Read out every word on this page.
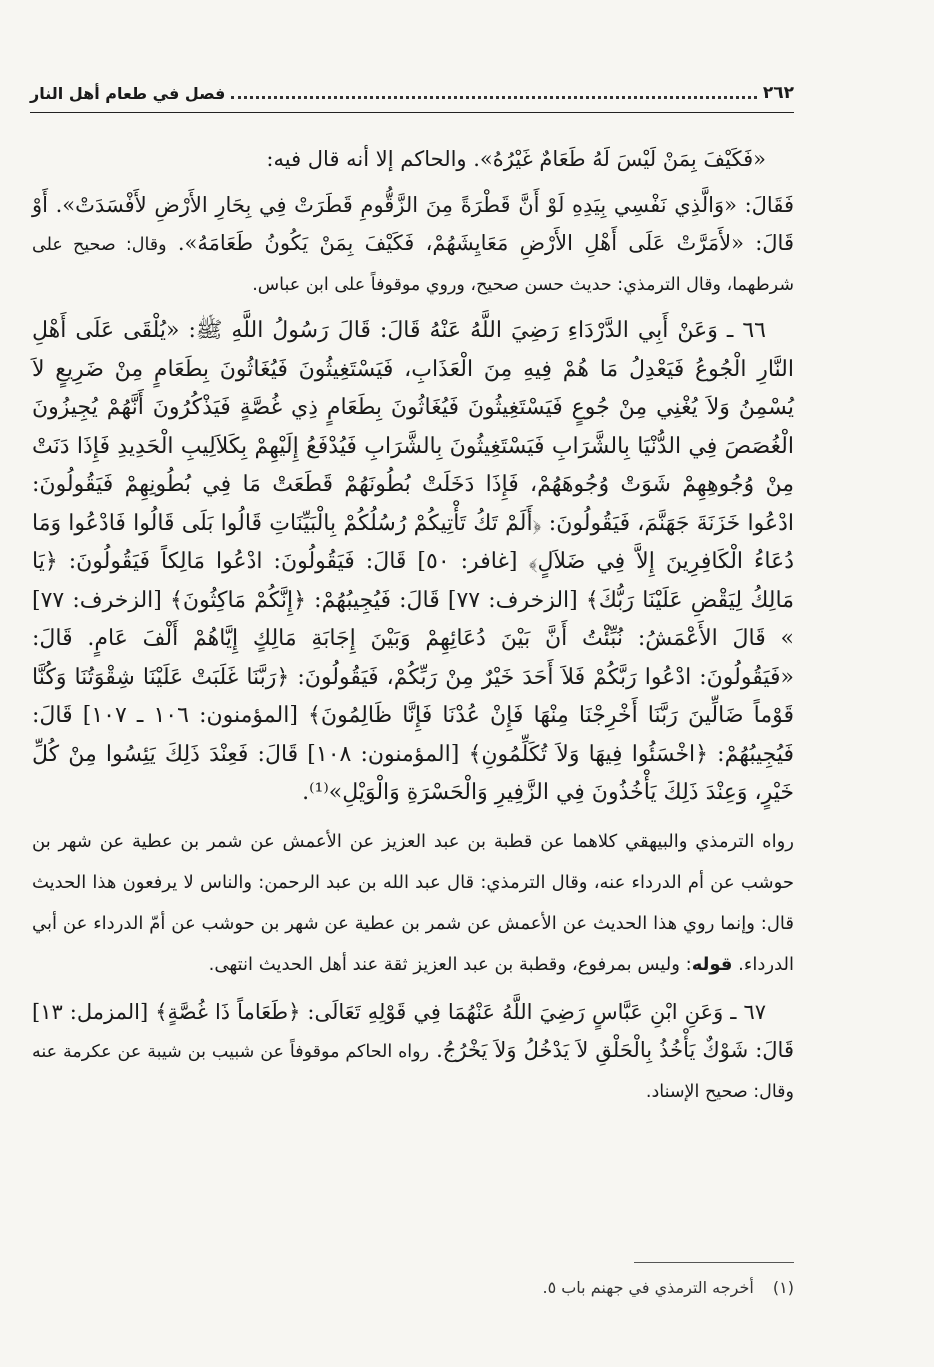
٢٦٢
فصل في طعام أهل النار

«فَكَيْفَ بِمَنْ لَيْسَ لَهُ طَعَامٌ غَيْرُهُ». والحاكم إلا أنه قال فيه:

فَقَالَ: «وَالَّذِي نَفْسِي بِيَدِهِ لَوْ أَنَّ قَطْرَةً مِنَ الزَّقُّومِ قَطَرَتْ فِي بِحَارِ الأَرْضِ لأَفْسَدَتْ». أَوْ قَالَ: «لأَمَرَّتْ عَلَى أَهْلِ الأَرْضِ مَعَايِشَهُمْ، فَكَيْفَ بِمَنْ يَكُونُ طَعَامَهُ». وقال: صحيح على شرطهما، وقال الترمذي: حديث حسن صحيح، وروي موقوفاً على ابن عباس.

٦٦ ـ وَعَنْ أَبِي الدَّرْدَاءِ رَضِيَ اللَّهُ عَنْهُ قَالَ: قَالَ رَسُولُ اللَّهِ ﷺ: «يُلْقَى عَلَى أَهْلِ النَّارِ الْجُوعُ فَيَعْدِلُ مَا هُمْ فِيهِ مِنَ الْعَذَابِ، فَيَسْتَغِيثُونَ فَيُغَاثُونَ بِطَعَامٍ مِنْ ضَرِيعٍ لاَ يُسْمِنُ وَلاَ يُغْنِي مِنْ جُوعٍ فَيَسْتَغِيثُونَ فَيُغَاثُونَ بِطَعَامٍ ذِي غُصَّةٍ فَيَذْكُرُونَ أَنَّهُمْ يُجِيزُونَ الْغُصَصَ فِي الدُّنْيَا بِالشَّرَابِ فَيَسْتَغِيثُونَ بِالشَّرَابِ فَيُدْفَعُ إِلَيْهِمْ بِكَلاَلِيبِ الْحَدِيدِ فَإِذَا دَنَتْ مِنْ وُجُوهِهِمْ شَوَتْ وُجُوهَهُمْ، فَإِذَا دَخَلَتْ بُطُونَهُمْ قَطَعَتْ مَا فِي بُطُونِهِمْ فَيَقُولُونَ: ادْعُوا خَزَنَةَ جَهَنَّمَ، فَيَقُولُونَ: ﴿أَلَمْ تَكُ تَأْتِيكُمْ رُسُلُكُمْ بِالْبَيِّنَاتِ قَالُوا بَلَى قَالُوا فَادْعُوا وَمَا دُعَاءُ الْكَافِرِينَ إِلاَّ فِي ضَلاَلٍ﴾ [غافر: ٥٠] قَالَ: فَيَقُولُونَ: ادْعُوا مَالِكاً فَيَقُولُونَ: ﴿يَا مَالِكُ لِيَقْضِ عَلَيْنَا رَبُّكَ﴾ [الزخرف: ٧٧] قَالَ: فَيُجِيبُهُمْ: ﴿إِنَّكُمْ مَاكِثُونَ﴾ [الزخرف: ٧٧] » قَالَ الأَعْمَشُ: نُبِّئْتُ أَنَّ بَيْنَ دُعَائِهِمْ وَبَيْنَ إِجَابَةِ مَالِكٍ إِيَّاهُمْ أَلْفَ عَامٍ. قَالَ: «فَيَقُولُونَ: ادْعُوا رَبَّكُمْ فَلاَ أَحَدَ خَيْرٌ مِنْ رَبِّكُمْ، فَيَقُولُونَ: ﴿رَبَّنَا غَلَبَتْ عَلَيْنَا شِقْوَتُنَا وَكُنَّا قَوْماً ضَالِّينَ رَبَّنَا أَخْرِجْنَا مِنْهَا فَإِنْ عُدْنَا فَإِنَّا ظَالِمُونَ﴾ [المؤمنون: ١٠٦ ـ ١٠٧] قَالَ: فَيُجِيبُهُمْ: ﴿اخْسَئُوا فِيهَا وَلاَ تُكَلِّمُونِ﴾ [المؤمنون: ١٠٨] قَالَ: فَعِنْدَ ذَلِكَ يَئِسُوا مِنْ كُلِّ خَيْرٍ، وَعِنْدَ ذَلِكَ يَأْخُذُونَ فِي الزَّفِيرِ وَالْحَسْرَةِ وَالْوَيْلِ»⁽¹⁾.

رواه الترمذي والبيهقي كلاهما عن قطبة بن عبد العزيز عن الأعمش عن شمر بن عطية عن شهر بن حوشب عن أم الدرداء عنه، وقال الترمذي: قال عبد الله بن عبد الرحمن: والناس لا يرفعون هذا الحديث قال: وإنما روي هذا الحديث عن الأعمش عن شمر بن عطية عن شهر بن حوشب عن أمّ الدرداء عن أبي الدرداء. قوله: وليس بمرفوع، وقطبة بن عبد العزيز ثقة عند أهل الحديث انتهى.

٦٧ ـ وَعَنِ ابْنِ عَبَّاسٍ رَضِيَ اللَّهُ عَنْهُمَا فِي قَوْلِهِ تَعَالَى: ﴿طَعَاماً ذَا غُصَّةٍ﴾ [المزمل: ١٣] قَالَ: شَوْكٌ يَأْخُذُ بِالْحَلْقِ لاَ يَدْخُلُ وَلاَ يَخْرُجُ. رواه الحاكم موقوفاً عن شبيب بن شيبة عن عكرمة عنه وقال: صحيح الإسناد.

(١) أخرجه الترمذي في جهنم باب ٥.
